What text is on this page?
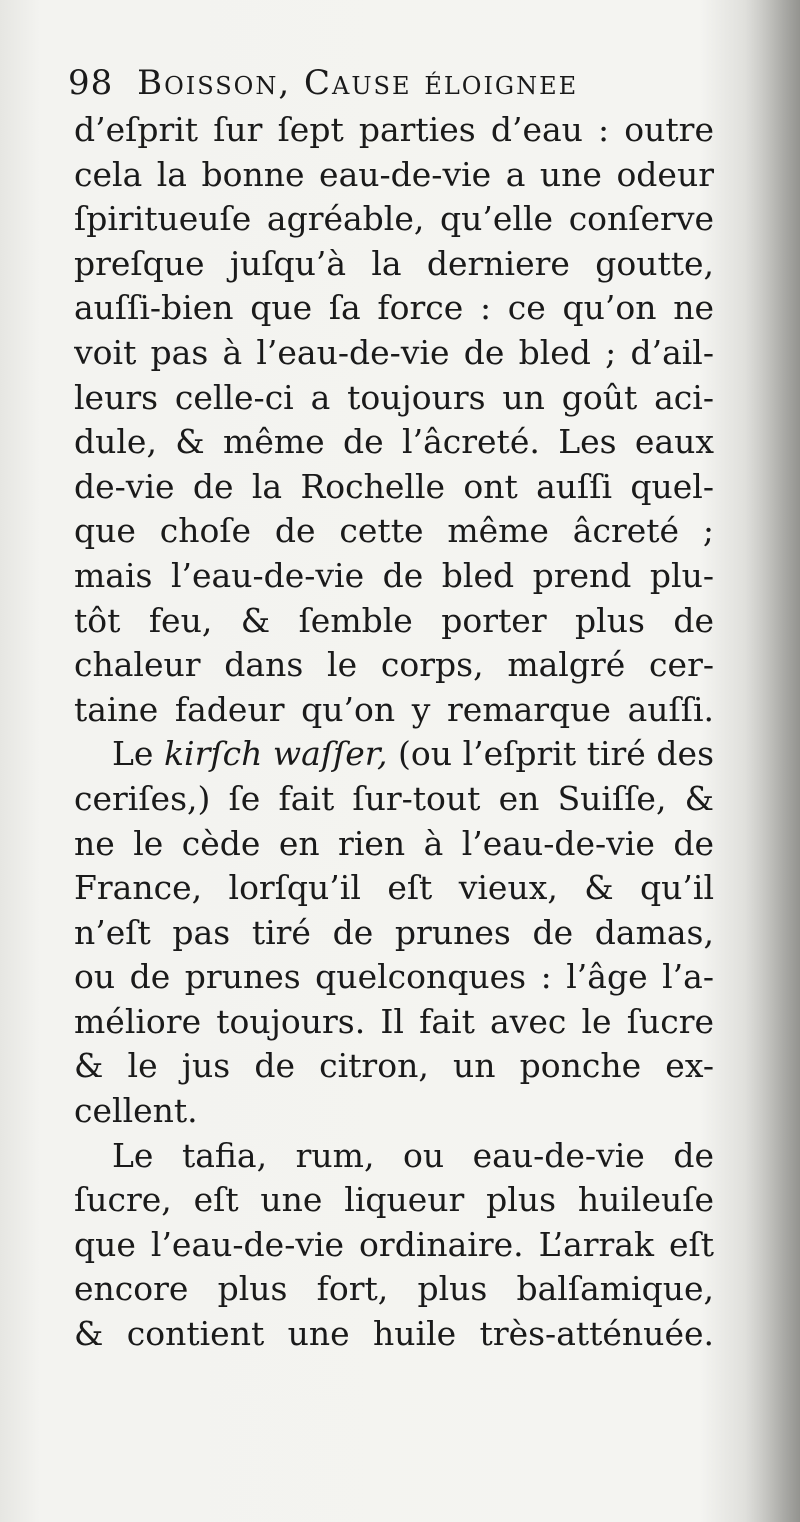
98 Boisson, Cause éloignee
d’eſprit ſur ſept parties d’eau : outre
cela la bonne eau-de-vie a une odeur
ſpiritueuſe agréable, qu’elle conſerve
preſque juſqu’à la derniere goutte,
auſſi-bien que ſa force : ce qu’on ne
voit pas à l’eau-de-vie de bled ; d’ail-
leurs celle-ci a toujours un goût aci-
dule, & même de l’âcreté. Les eaux
de-vie de la Rochelle ont auſſi quel-
que choſe de cette même âcreté ;
mais l’eau-de-vie de bled prend plu-
tôt feu, & ſemble porter plus de
chaleur dans le corps, malgré cer-
taine fadeur qu’on y remarque auſſi.
Le kirſch waſſer, (ou l’eſprit tiré des
ceriſes,) ſe fait ſur-tout en Suiſſe, &
ne le cède en rien à l’eau-de-vie de
France, lorſqu’il eſt vieux, & qu’il
n’eſt pas tiré de prunes de damas,
ou de prunes quelconques : l’âge l’a-
méliore toujours. Il fait avec le ſucre
& le jus de citron, un ponche ex-
cellent.
Le tafia, rum, ou eau-de-vie de
ſucre, eſt une liqueur plus huileuſe
que l’eau-de-vie ordinaire. L’arrak eſt
encore plus fort, plus balſamique,
& contient une huile très-atténuée.
